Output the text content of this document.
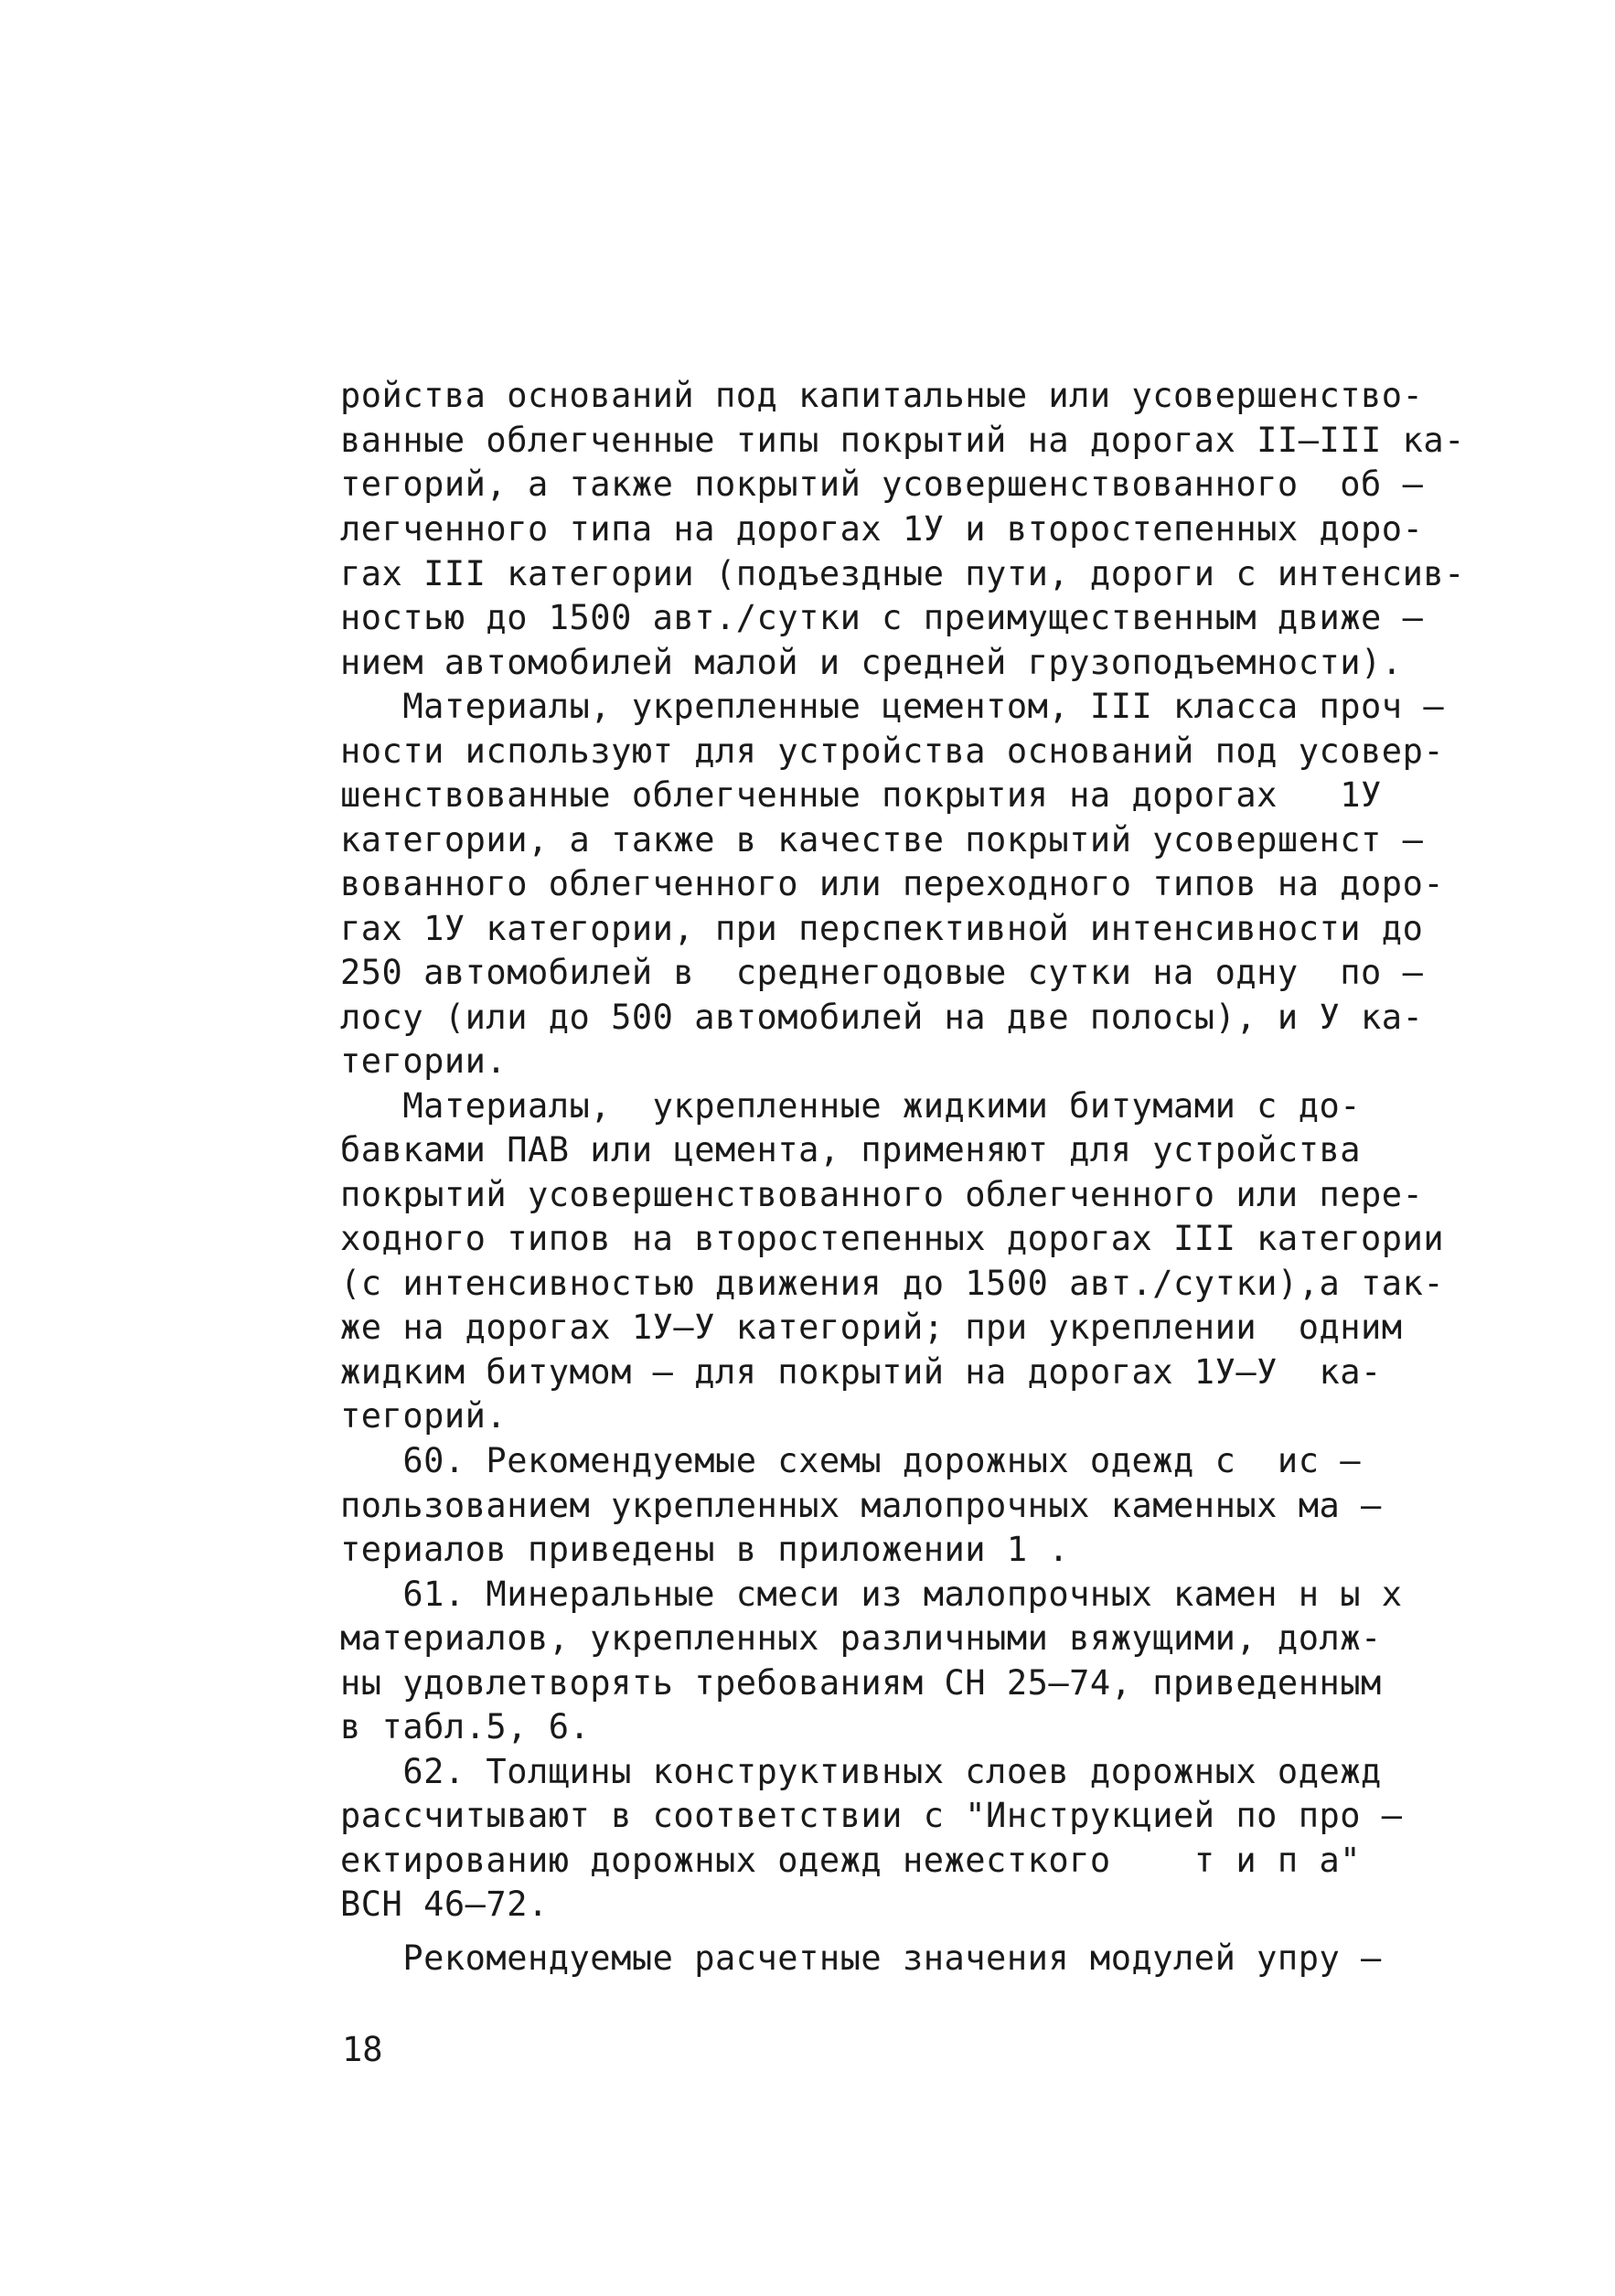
ройства оснований под капитальные или усовершенство-
ванные облегченные типы покрытий на дорогах II–III ка-
тегорий, а также покрытий усовершенствованного  об –
легченного типа на дорогах 1У и второстепенных доро-
гах III категории (подъездные пути, дороги с интенсив-
ностью до 1500 авт./сутки с преимущественным движе –
нием автомобилей малой и средней грузоподъемности).
Материалы, укрепленные цементом, III класса проч –
ности используют для устройства оснований под усовер-
шенствованные облегченные покрытия на дорогах   1У
категории, а также в качестве покрытий усовершенст –
вованного облегченного или переходного типов на доро-
гах 1У категории, при перспективной интенсивности до
250 автомобилей в  среднегодовые сутки на одну  по –
лосу (или до 500 автомобилей на две полосы), и У ка-
тегории.
Материалы,  укрепленные жидкими битумами с до-
бавками ПАВ или цемента, применяют для устройства
покрытий усовершенствованного облегченного или пере-
ходного типов на второстепенных дорогах III категории
(с интенсивностью движения до 1500 авт./сутки),а так-
же на дорогах 1У–У категорий; при укреплении  одним
жидким битумом – для покрытий на дорогах 1У–У  ка-
тегорий.
60. Рекомендуемые схемы дорожных одежд с  ис –
пользованием укрепленных малопрочных каменных ма –
териалов приведены в приложении 1 .
61. Минеральные смеси из малопрочных камен н ы х
материалов, укрепленных различными вяжущими, долж-
ны удовлетворять требованиям СН 25–74, приведенным
в табл.5, 6.
62. Толщины конструктивных слоев дорожных одежд
рассчитывают в соответствии с "Инструкцией по про –
ектированию дорожных одежд нежесткого    т и п а"
ВСН 46–72.
Рекомендуемые расчетные значения модулей упру –
18
